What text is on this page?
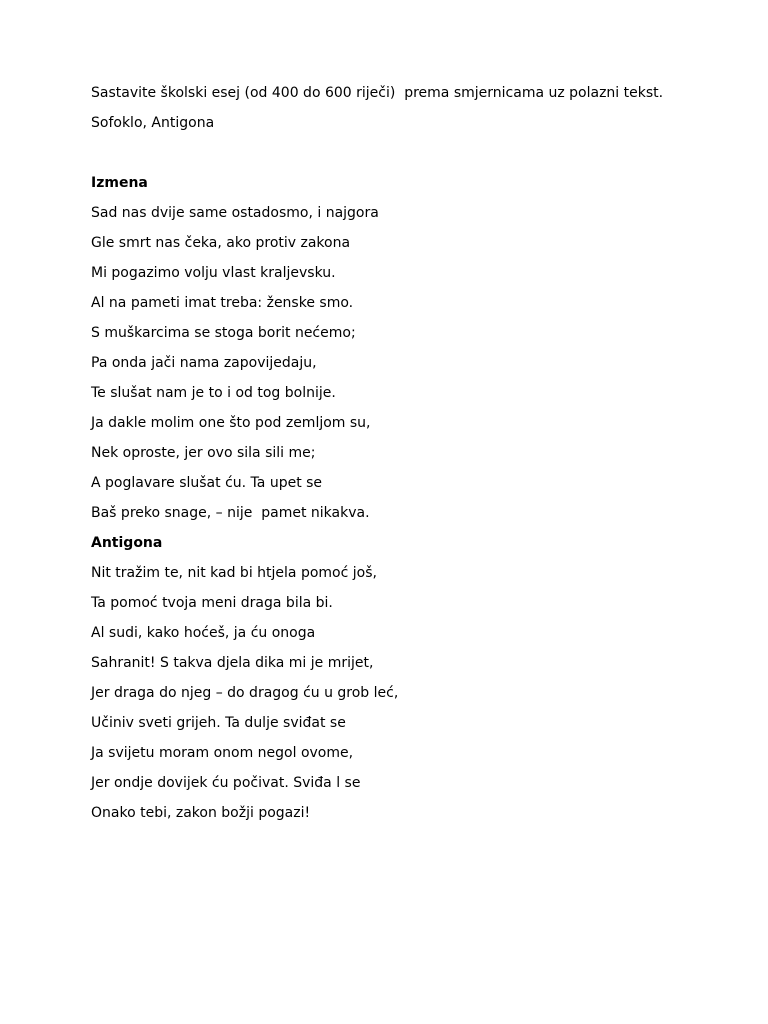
Sastavite školski esej (od 400 do 600 riječi)  prema smjernicama uz polazni tekst.

Sofoklo, Antigona

Izmena

Sad nas dvije same ostadosmo, i najgora

Gle smrt nas čeka, ako protiv zakona

Mi pogazimo volju vlast kraljevsku.

Al na pameti imat treba: ženske smo.

S muškarcima se stoga borit nećemo;

Pa onda jači nama zapovijedaju,

Te slušat nam je to i od tog bolnije.

Ja dakle molim one što pod zemljom su,

Nek oproste, jer ovo sila sili me;

A poglavare slušat ću. Ta upet se

Baš preko snage, – nije  pamet nikakva.

Antigona

Nit tražim te, nit kad bi htjela pomoć još,

Ta pomoć tvoja meni draga bila bi.

Al sudi, kako hoćeš, ja ću onoga

Sahranit! S takva djela dika mi je mrijet,

Jer draga do njeg – do dragog ću u grob leć,

Učiniv sveti grijeh. Ta dulje sviđat se

Ja svijetu moram onom negol ovome,

Jer ondje dovijek ću počivat. Sviđa l se

Onako tebi, zakon božji pogazi!
